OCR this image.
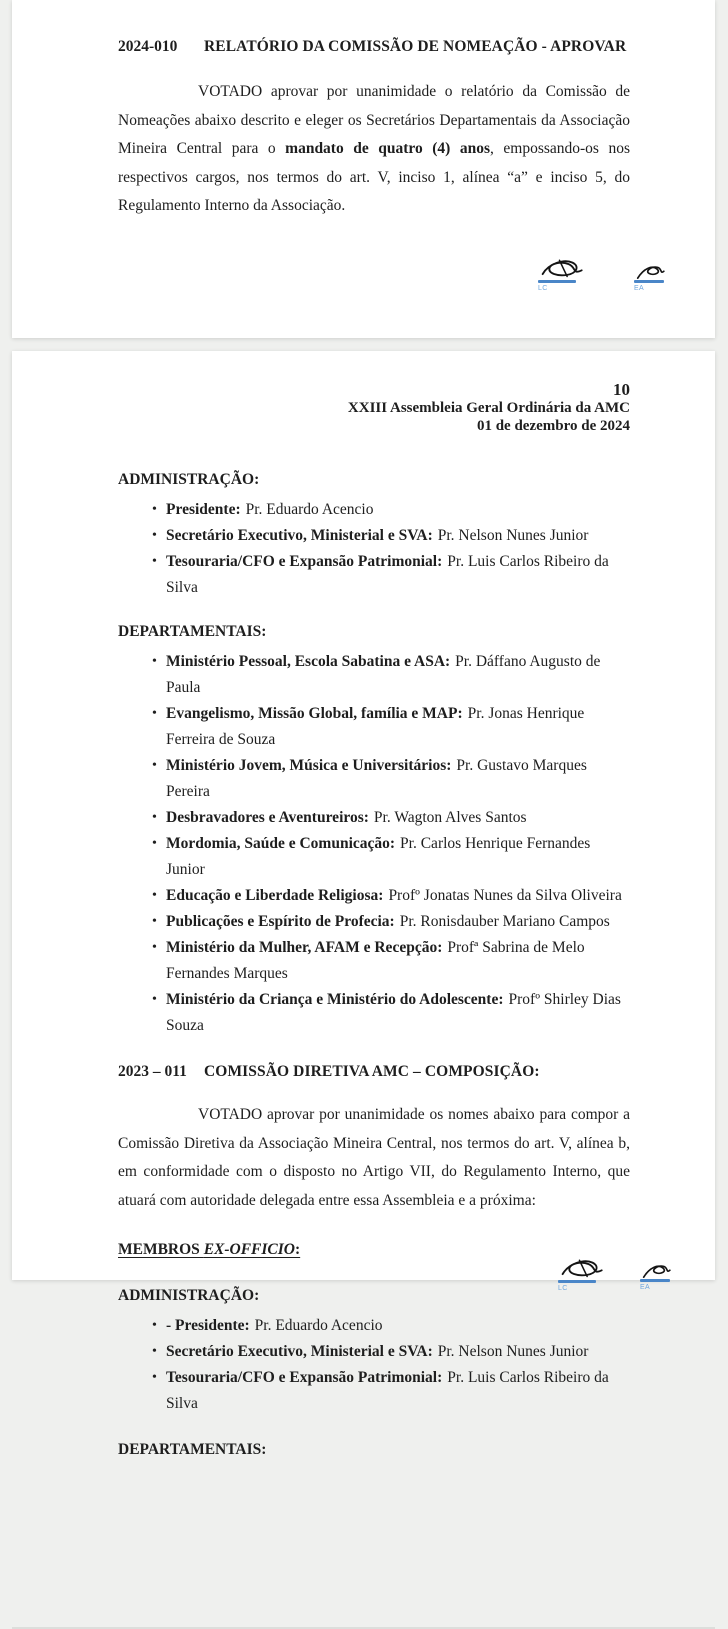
2024-010	RELATÓRIO DA COMISSÃO DE NOMEAÇÃO - APROVAR

VOTADO aprovar por unanimidade o relatório da Comissão de Nomeações abaixo descrito e eleger os Secretários Departamentais da Associação Mineira Central para o mandato de quatro (4) anos, empossando-os nos respectivos cargos, nos termos do art. V, inciso 1, alínea “a” e inciso 5, do Regulamento Interno da Associação.

LC	EA
10
XXIII Assembleia Geral Ordinária da AMC
01 de dezembro de 2024
ADMINISTRAÇÃO:
• Presidente: Pr. Eduardo Acencio
• Secretário Executivo, Ministerial e SVA: Pr. Nelson Nunes Junior
• Tesouraria/CFO e Expansão Patrimonial: Pr. Luis Carlos Ribeiro da Silva
DEPARTAMENTAIS:
• Ministério Pessoal, Escola Sabatina e ASA: Pr. Dáffano Augusto de Paula
• Evangelismo, Missão Global, família e MAP: Pr. Jonas Henrique Ferreira de Souza
• Ministério Jovem, Música e Universitários: Pr. Gustavo Marques Pereira
• Desbravadores e Aventureiros: Pr. Wagton Alves Santos
• Mordomia, Saúde e Comunicação: Pr. Carlos Henrique Fernandes Junior
• Educação e Liberdade Religiosa: Profº Jonatas Nunes da Silva Oliveira
• Publicações e Espírito de Profecia: Pr. Ronisdauber Mariano Campos
• Ministério da Mulher, AFAM e Recepção: Profª Sabrina de Melo Fernandes Marques
• Ministério da Criança e Ministério do Adolescente: Profº Shirley Dias Souza
2023 – 011	COMISSÃO DIRETIVA AMC – COMPOSIÇÃO:

VOTADO aprovar por unanimidade os nomes abaixo para compor a Comissão Diretiva da Associação Mineira Central, nos termos do art. V, alínea b, em conformidade com o disposto no Artigo VII, do Regulamento Interno, que atuará com autoridade delegada entre essa Assembleia e a próxima:

MEMBROS EX-OFFICIO:
ADMINISTRAÇÃO:
• - Presidente: Pr. Eduardo Acencio
• Secretário Executivo, Ministerial e SVA: Pr. Nelson Nunes Junior
• Tesouraria/CFO e Expansão Patrimonial: Pr. Luis Carlos Ribeiro da Silva
DEPARTAMENTAIS:
LC	EA
